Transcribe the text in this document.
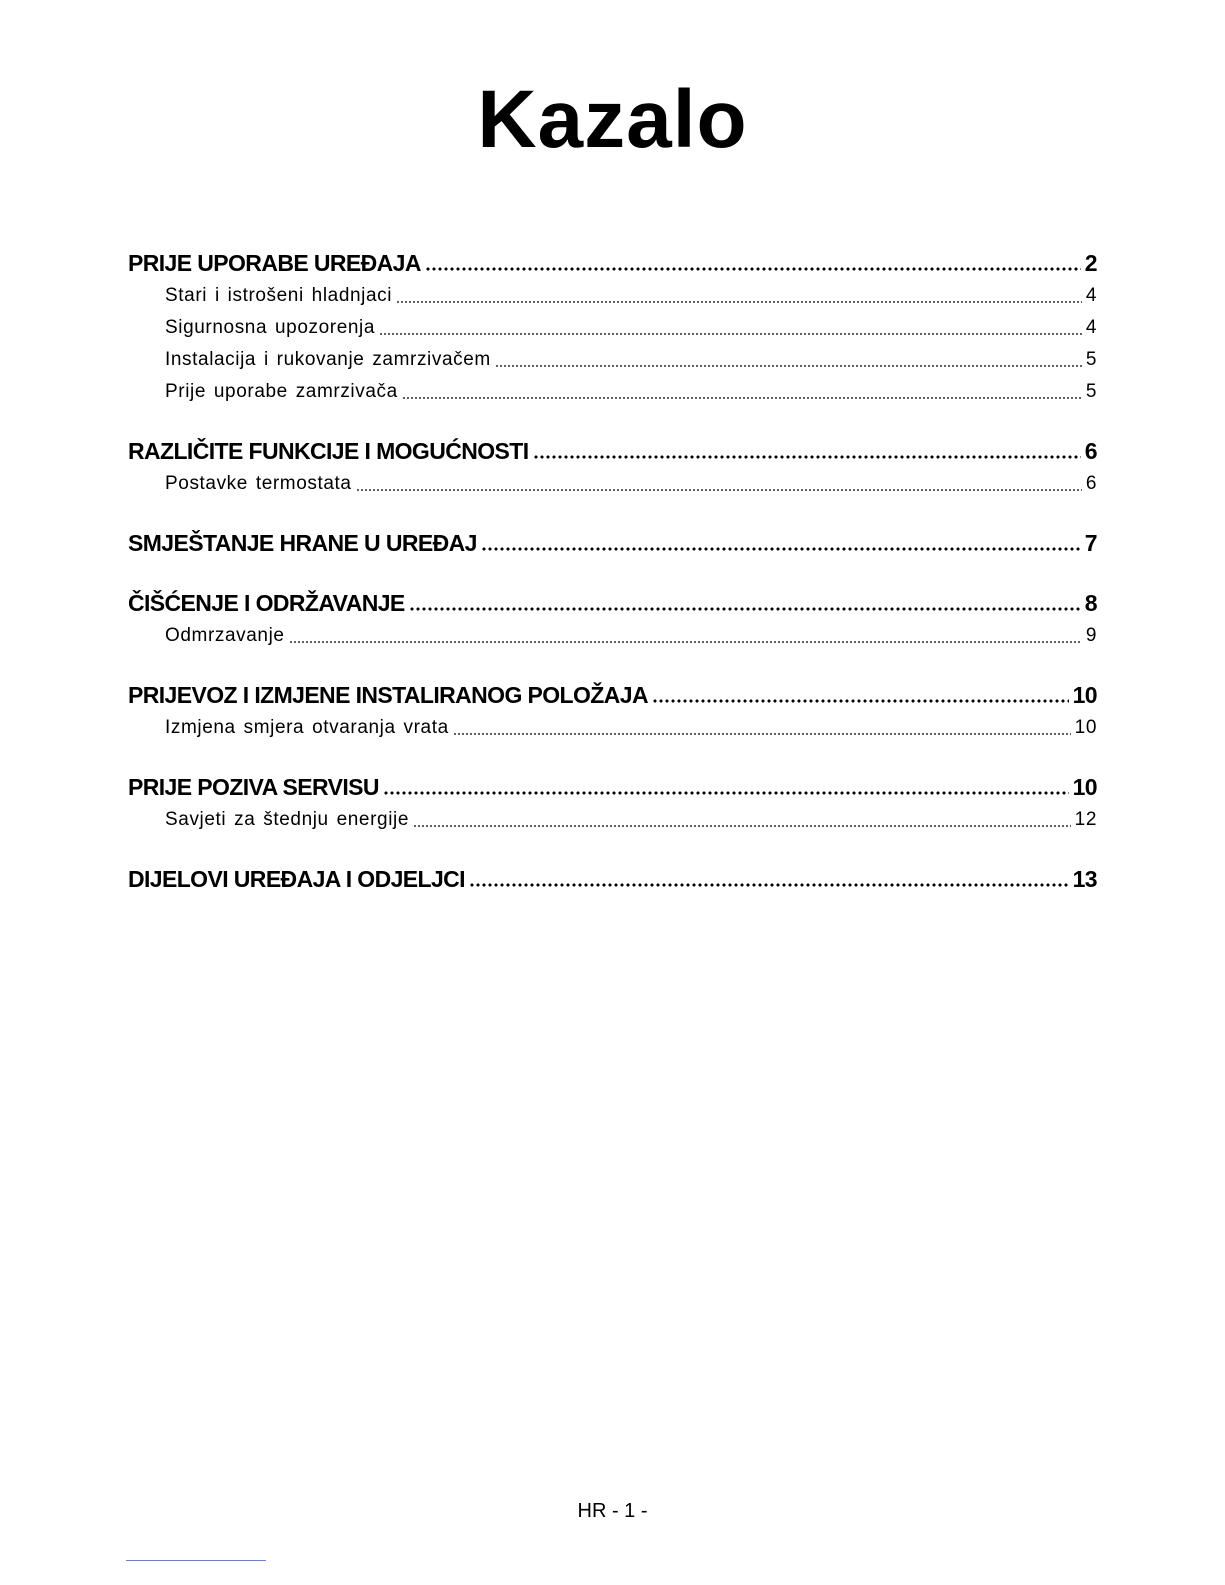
Kazalo
PRIJE UPORABE UREĐAJA	2
Stari i istrošeni hladnjaci	4
Sigurnosna upozorenja	4
Instalacija i rukovanje zamrzivačem	5
Prije uporabe zamrzivača	5
RAZLIČITE FUNKCIJE I MOGUĆNOSTI	6
Postavke termostata	6
SMJEŠTANJE HRANE U UREĐAJ	7
ČIŠĆENJE I ODRŽAVANJE	8
Odmrzavanje	9
PRIJEVOZ I IZMJENE INSTALIRANOG POLOŽAJA	10
Izmjena smjera otvaranja vrata	10
PRIJE POZIVA SERVISU	10
Savjeti za štednju energije	12
DIJELOVI UREĐAJA I ODJELJCI	13
HR - 1 -
